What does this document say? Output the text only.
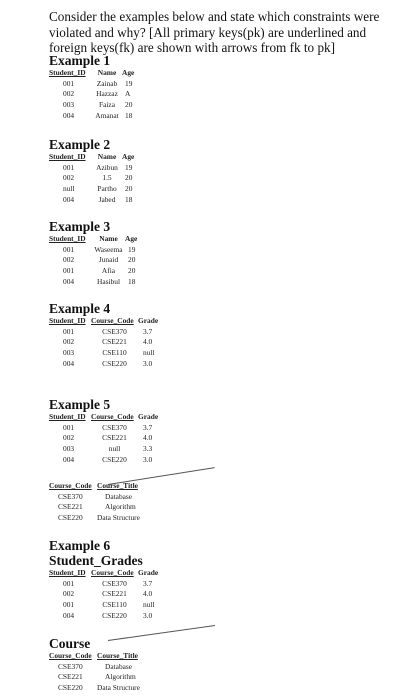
Consider the examples below and state which constraints were violated and why? [All primary keys(pk) are underlined and foreign keys(fk) are shown with arrows from fk to pk]
Example 1
Student_ID	Name	Age
001	Zainab	19
002	Hazzaz	A
003	Faiza	20
004	Amanat	18
Example 2
Student_ID	Name	Age
001	Azibun	19
002	1.5	20
null	Partho	20
004	Jabed	18
Example 3
Student_ID	Name	Age
001	Waseema	19
002	Junaid	20
001	Afia	20
004	Hasibul	18
Example 4
Student_ID	Course_Code	Grade
001	CSE370	3.7
002	CSE221	4.0
003	CSE110	null
004	CSE220	3.0
Example 5
Student_ID	Course_Code	Grade
001	CSE370	3.7
002	CSE221	4.0
003	null	3.3
004	CSE220	3.0
Course_Code	Course_Title
CSE370	Database
CSE221	Algorithm
CSE220	Data Structure
Example 6
Student_Grades
Student_ID	Course_Code	Grade
001	CSE370	3.7
002	CSE221	4.0
001	CSE110	null
004	CSE220	3.0
Course
Course_Code	Course_Title
CSE370	Database
CSE221	Algorithm
CSE220	Data Structure
